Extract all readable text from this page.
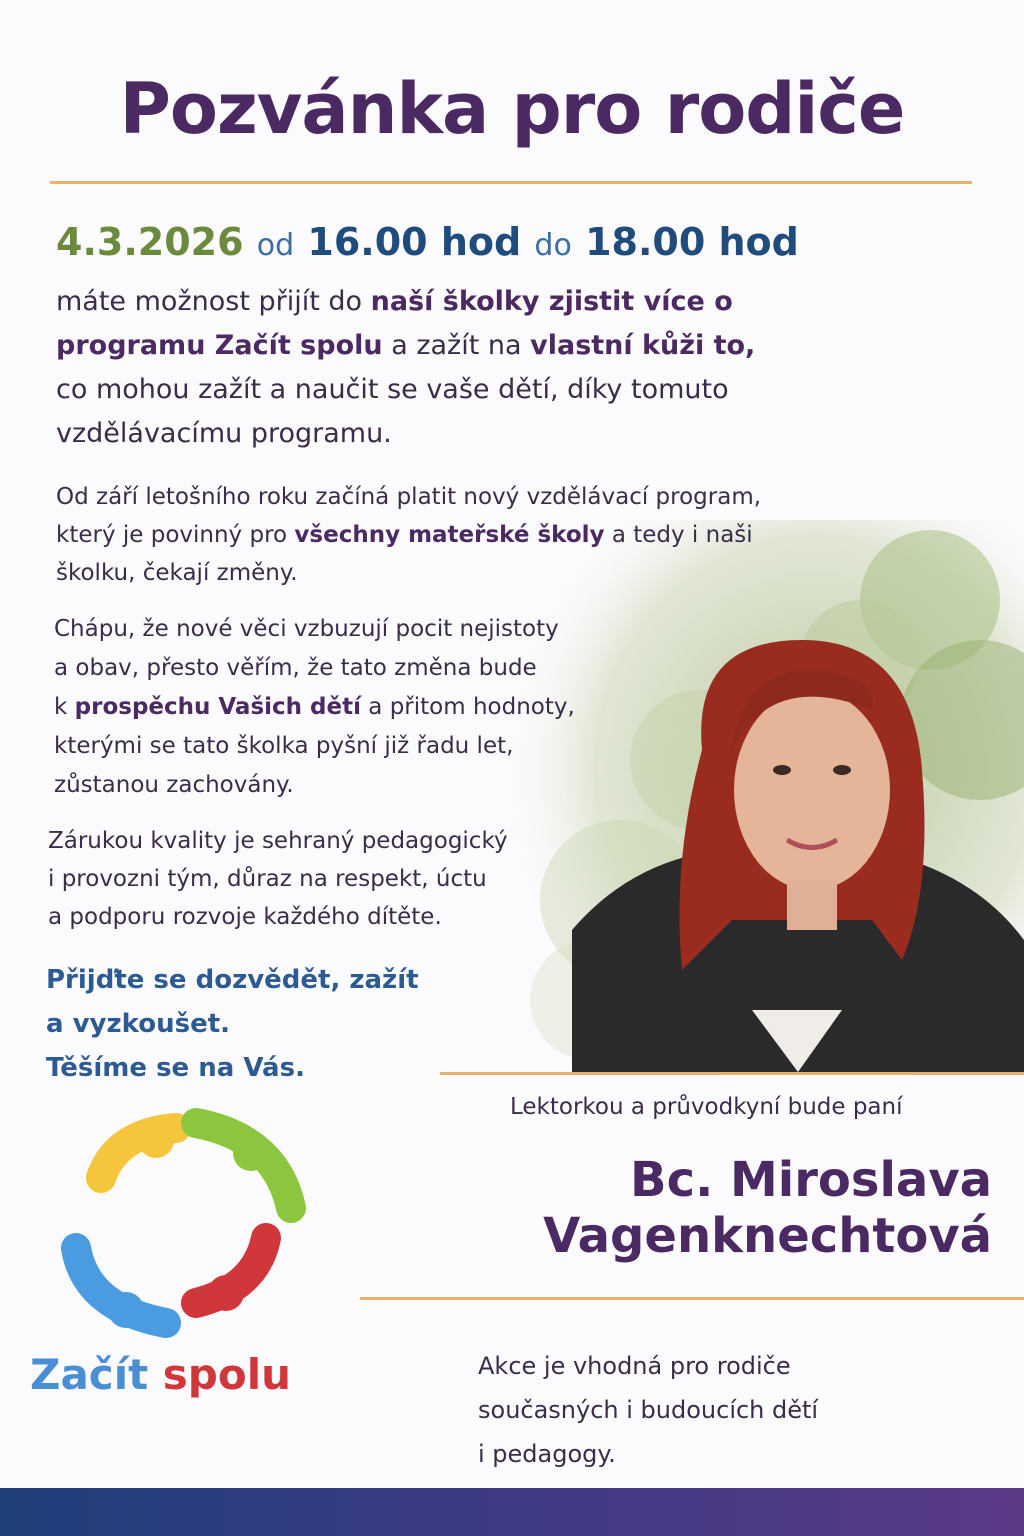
Pozvánka pro rodiče
4.3.2026 od 16.00 hod do 18.00 hod
máte možnost přijít do naší školky zjistit více o
programu Začít spolu a zažít na vlastní kůži to,
co mohou zažít a naučit se vaše dětí, díky tomuto
vzdělávacímu programu.
Od září letošního roku začíná platit nový vzdělávací program,
který je povinný pro všechny mateřské školy a tedy i naši
školku, čekají změny.
Chápu, že nové věci vzbuzují pocit nejistoty
a obav, přesto věřím, že tato změna bude
k prospěchu Vašich dětí a přitom hodnoty,
kterými se tato školka pyšní již řadu let,
zůstanou zachovány.
Zárukou kvality je sehraný pedagogický
i provozni tým, důraz na respekt, úctu
a podporu rozvoje každého dítěte.
Přijďte se dozvědět, zažít
a vyzkoušet.
Těšíme se na Vás.
Lektorkou a průvodkyní bude paní
Bc. Miroslava
Vagenknechtová
Akce je vhodná pro rodiče
současných i budoucích dětí
i pedagogy.
Začít spolu
